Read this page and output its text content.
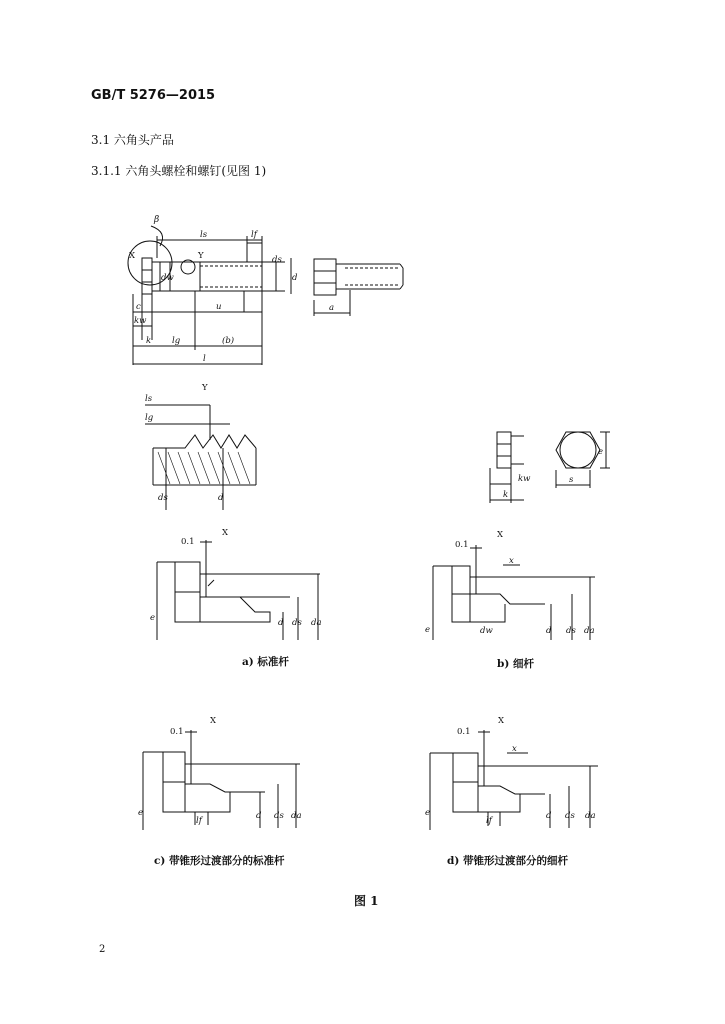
GB/T 5276—2015
3.1 六角头产品
3.1.1 六角头螺栓和螺钉(见图 1)
β
X	Y
ls	lf
ds
d
dw
u
c
kw
k lg	(b)
l
a
e
s
kw
k
Y
ls
lg
ds	d
X
0.1
e	d ds da
X
0.1
x
e	dw	d ds da
X
0.1
e
lf	d ds da
X
0.1
x
e
lf	d ds da
a) 标准杆	b) 细杆
c) 带锥形过渡部分的标准杆	d) 带锥形过渡部分的细杆
图 1
2
